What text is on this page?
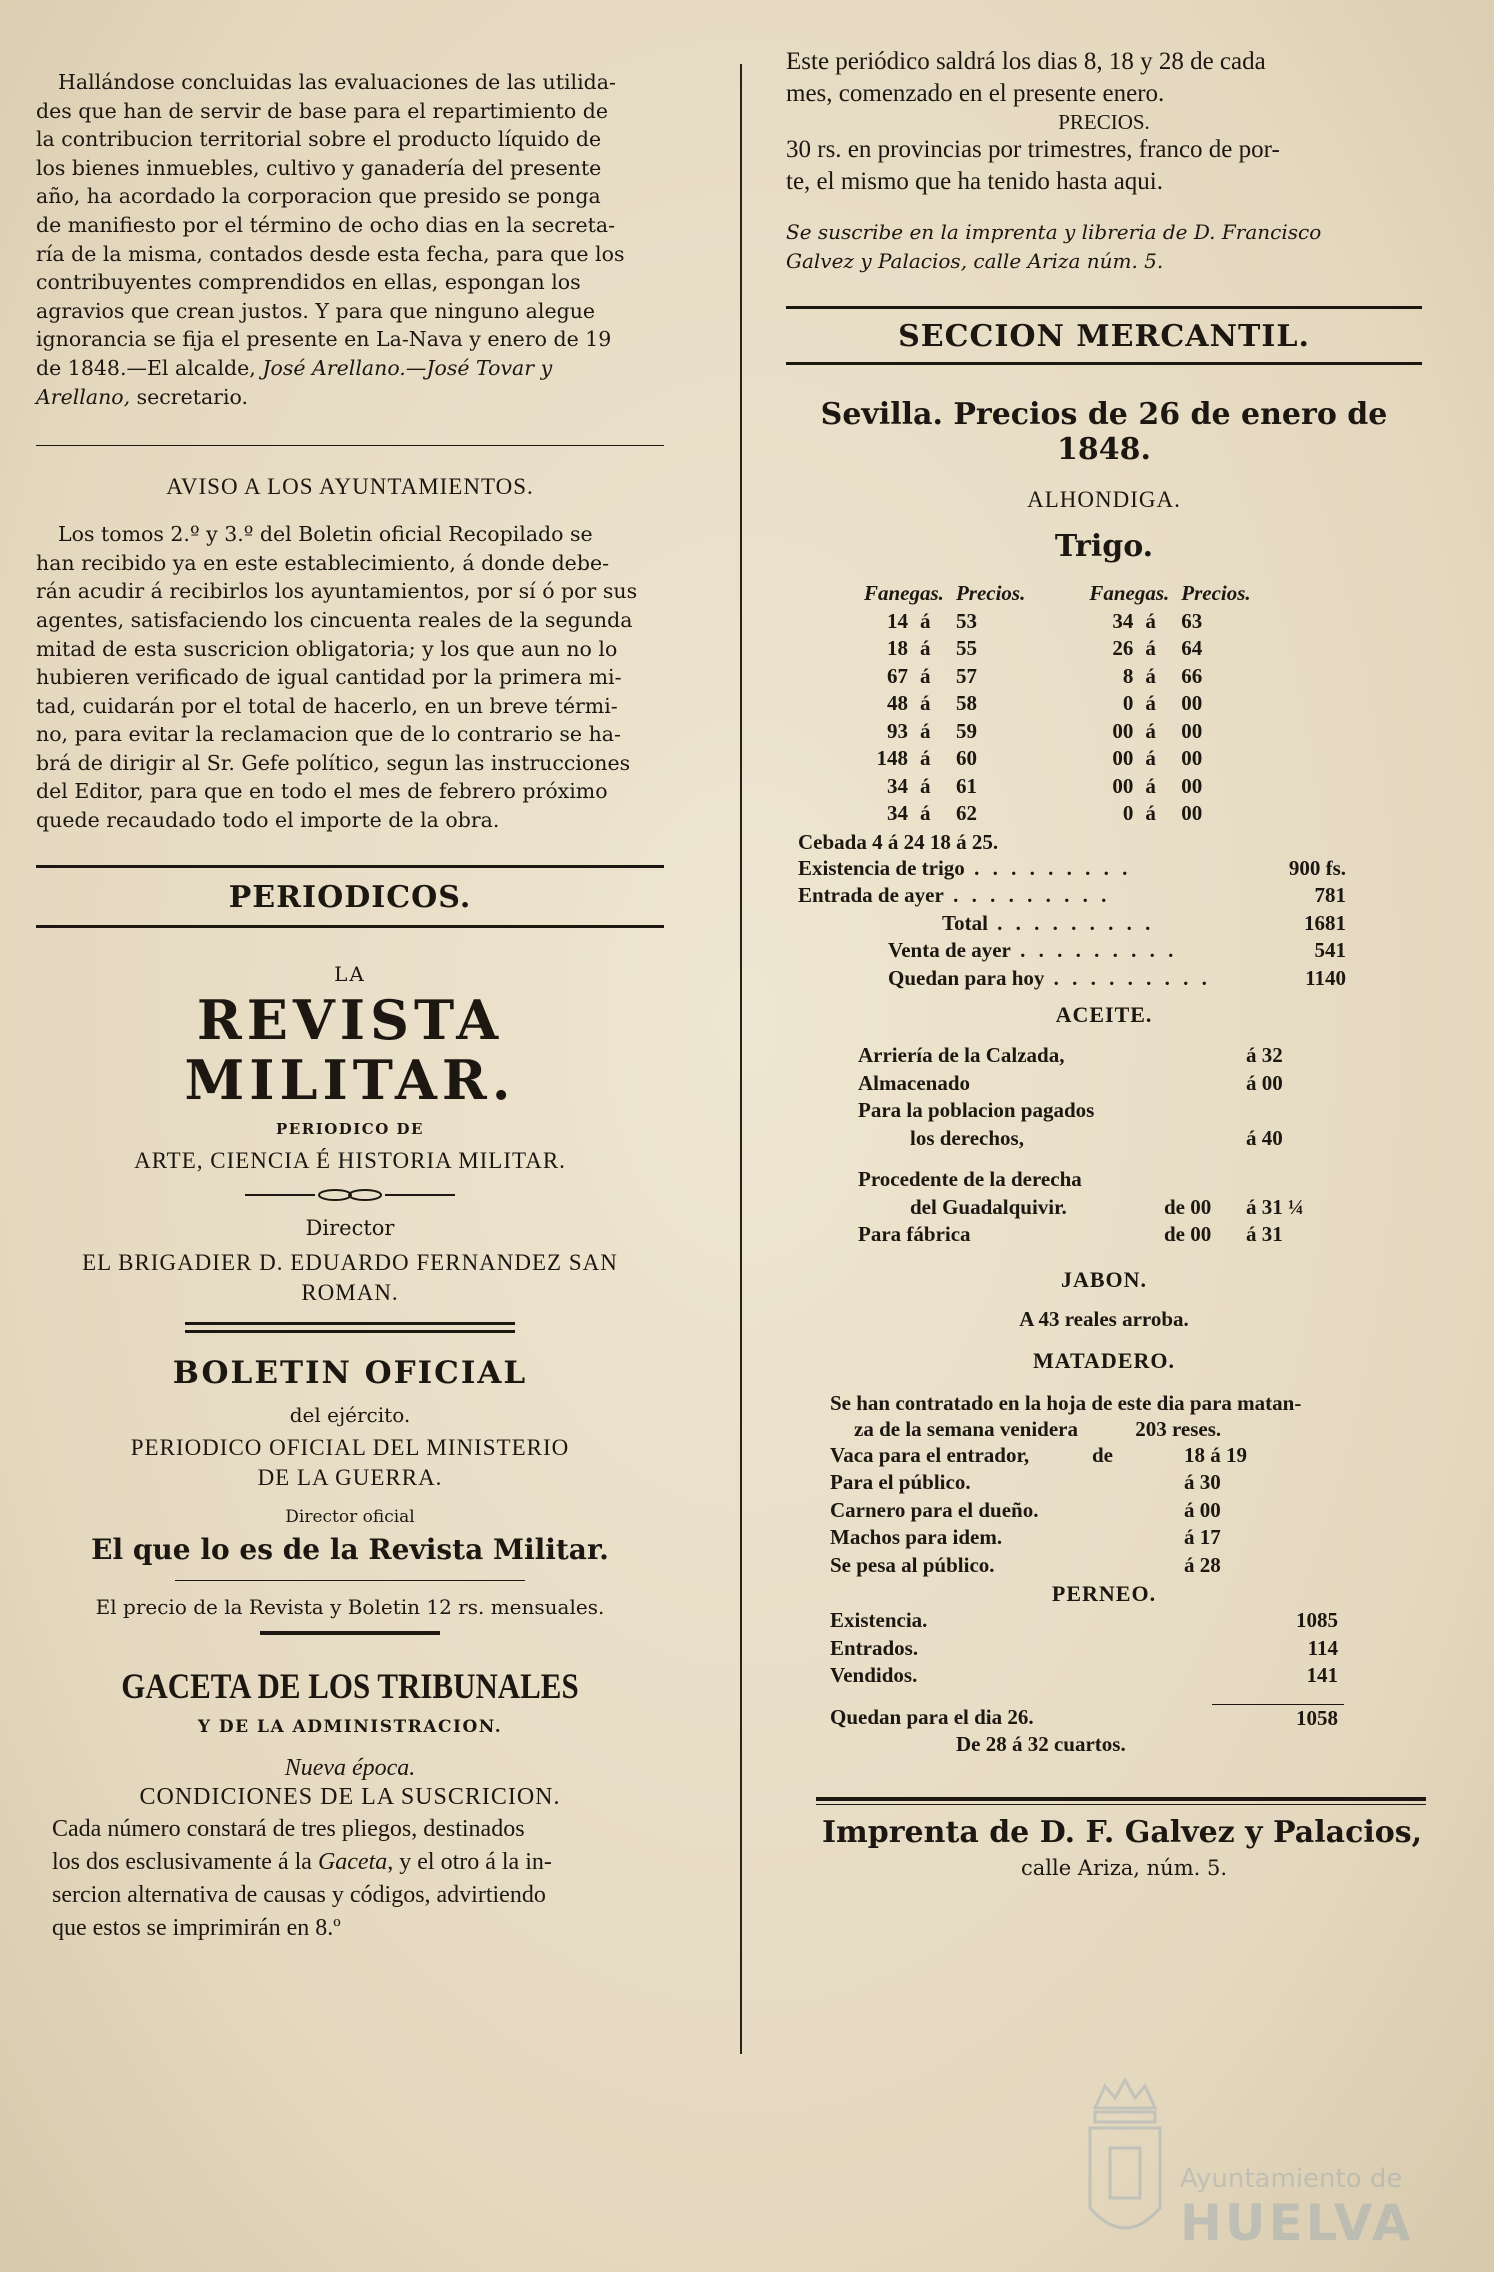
Hallándose concluidas las evaluaciones de las utilida-
des que han de servir de base para el repartimiento de
la contribucion territorial sobre el producto líquido de
los bienes inmuebles, cultivo y ganadería del presente
año, ha acordado la corporacion que presido se ponga
de manifiesto por el término de ocho dias en la secreta-
ría de la misma, contados desde esta fecha, para que los
contribuyentes comprendidos en ellas, espongan los
agravios que crean justos. Y para que ninguno alegue
ignorancia se fija el presente en La-Nava y enero de 19
de 1848.—El alcalde, José Arellano.—José Tovar y
Arellano, secretario.

AVISO A LOS AYUNTAMIENTOS.

Los tomos 2.º y 3.º del Boletin oficial Recopilado se
han recibido ya en este establecimiento, á donde debe-
rán acudir á recibirlos los ayuntamientos, por sí ó por sus
agentes, satisfaciendo los cincuenta reales de la segunda
mitad de esta suscricion obligatoria; y los que aun no lo
hubieren verificado de igual cantidad por la primera mi-
tad, cuidarán por el total de hacerlo, en un breve térmi-
no, para evitar la reclamacion que de lo contrario se ha-
brá de dirigir al Sr. Gefe político, segun las instrucciones
del Editor, para que en todo el mes de febrero próximo
quede recaudado todo el importe de la obra.

PERIODICOS.
LA
REVISTA MILITAR.
PERIODICO DE
ARTE, CIENCIA É HISTORIA MILITAR.
Director
EL BRIGADIER D. EDUARDO FERNANDEZ SAN
ROMAN.
BOLETIN OFICIAL
del ejército.
PERIODICO OFICIAL DEL MINISTERIO
DE LA GUERRA.
Director oficial
El que lo es de la Revista Militar.
El precio de la Revista y Boletin 12 rs. mensuales.
GACETA DE LOS TRIBUNALES
Y DE LA ADMINISTRACION.
Nueva época.
CONDICIONES DE LA SUSCRICION.

Cada número constará de tres pliegos, destinados
los dos esclusivamente á la Gaceta, y el otro á la in-
sercion alternativa de causas y códigos, advirtiendo
que estos se imprimirán en 8.º

Este periódico saldrá los dias 8, 18 y 28 de cada
mes, comenzado en el presente enero.

PRECIOS.

30 rs. en provincias por trimestres, franco de por-
te, el mismo que ha tenido hasta aqui.

Se suscribe en la imprenta y libreria de D. Francisco
Galvez y Palacios, calle Ariza núm. 5.

SECCION MERCANTIL.
Sevilla. Precios de 26 de enero de 1848.
ALHONDIGA.
Trigo.
Fanegas.		Precios.		Fanegas.		Precios.
14	á	53		34	á	63
18	á	55		26	á	64
67	á	57		8	á	66
48	á	58		0	á	00
93	á	59		00	á	00
148	á	60		00	á	00
34	á	61		00	á	00
34	á	62		0	á	00
Cebada 4 á 24 18 á 25.
Existencia de trigo . . . . . . . . .	900 fs.
Entrada de ayer . . . . . . . . .	781
Total . . . . . . . . .	1681
Venta de ayer . . . . . . . . .	541
Quedan para hoy . . . . . . . . .	1140
ACEITE.
Arriería de la Calzada,		á 32
Almacenado		á 00
Para la poblacion pagados		
los derechos,		á 40
Procedente de la derecha		
del Guadalquivir.	de 00	á 31 ¼
Para fábrica	de 00	á 31
JABON.
A 43 reales arroba.
MATADERO.
Se han contratado en la hoja de este dia para matan-
za de la semana venidera	203 reses.
Vaca para el entrador,	de	18 á 19
Para el público.		á 30
Carnero para el dueño.		á 00
Machos para idem.		á 17
Se pesa al público.		á 28
PERNEO.
Existencia.	1085
Entrados.	114
Vendidos.	141
Quedan para el dia 26.	1058
De 28 á 32 cuartos.
Imprenta de D. F. Galvez y Palacios,
calle Ariza, núm. 5.
Ayuntamiento de
HUELVA
